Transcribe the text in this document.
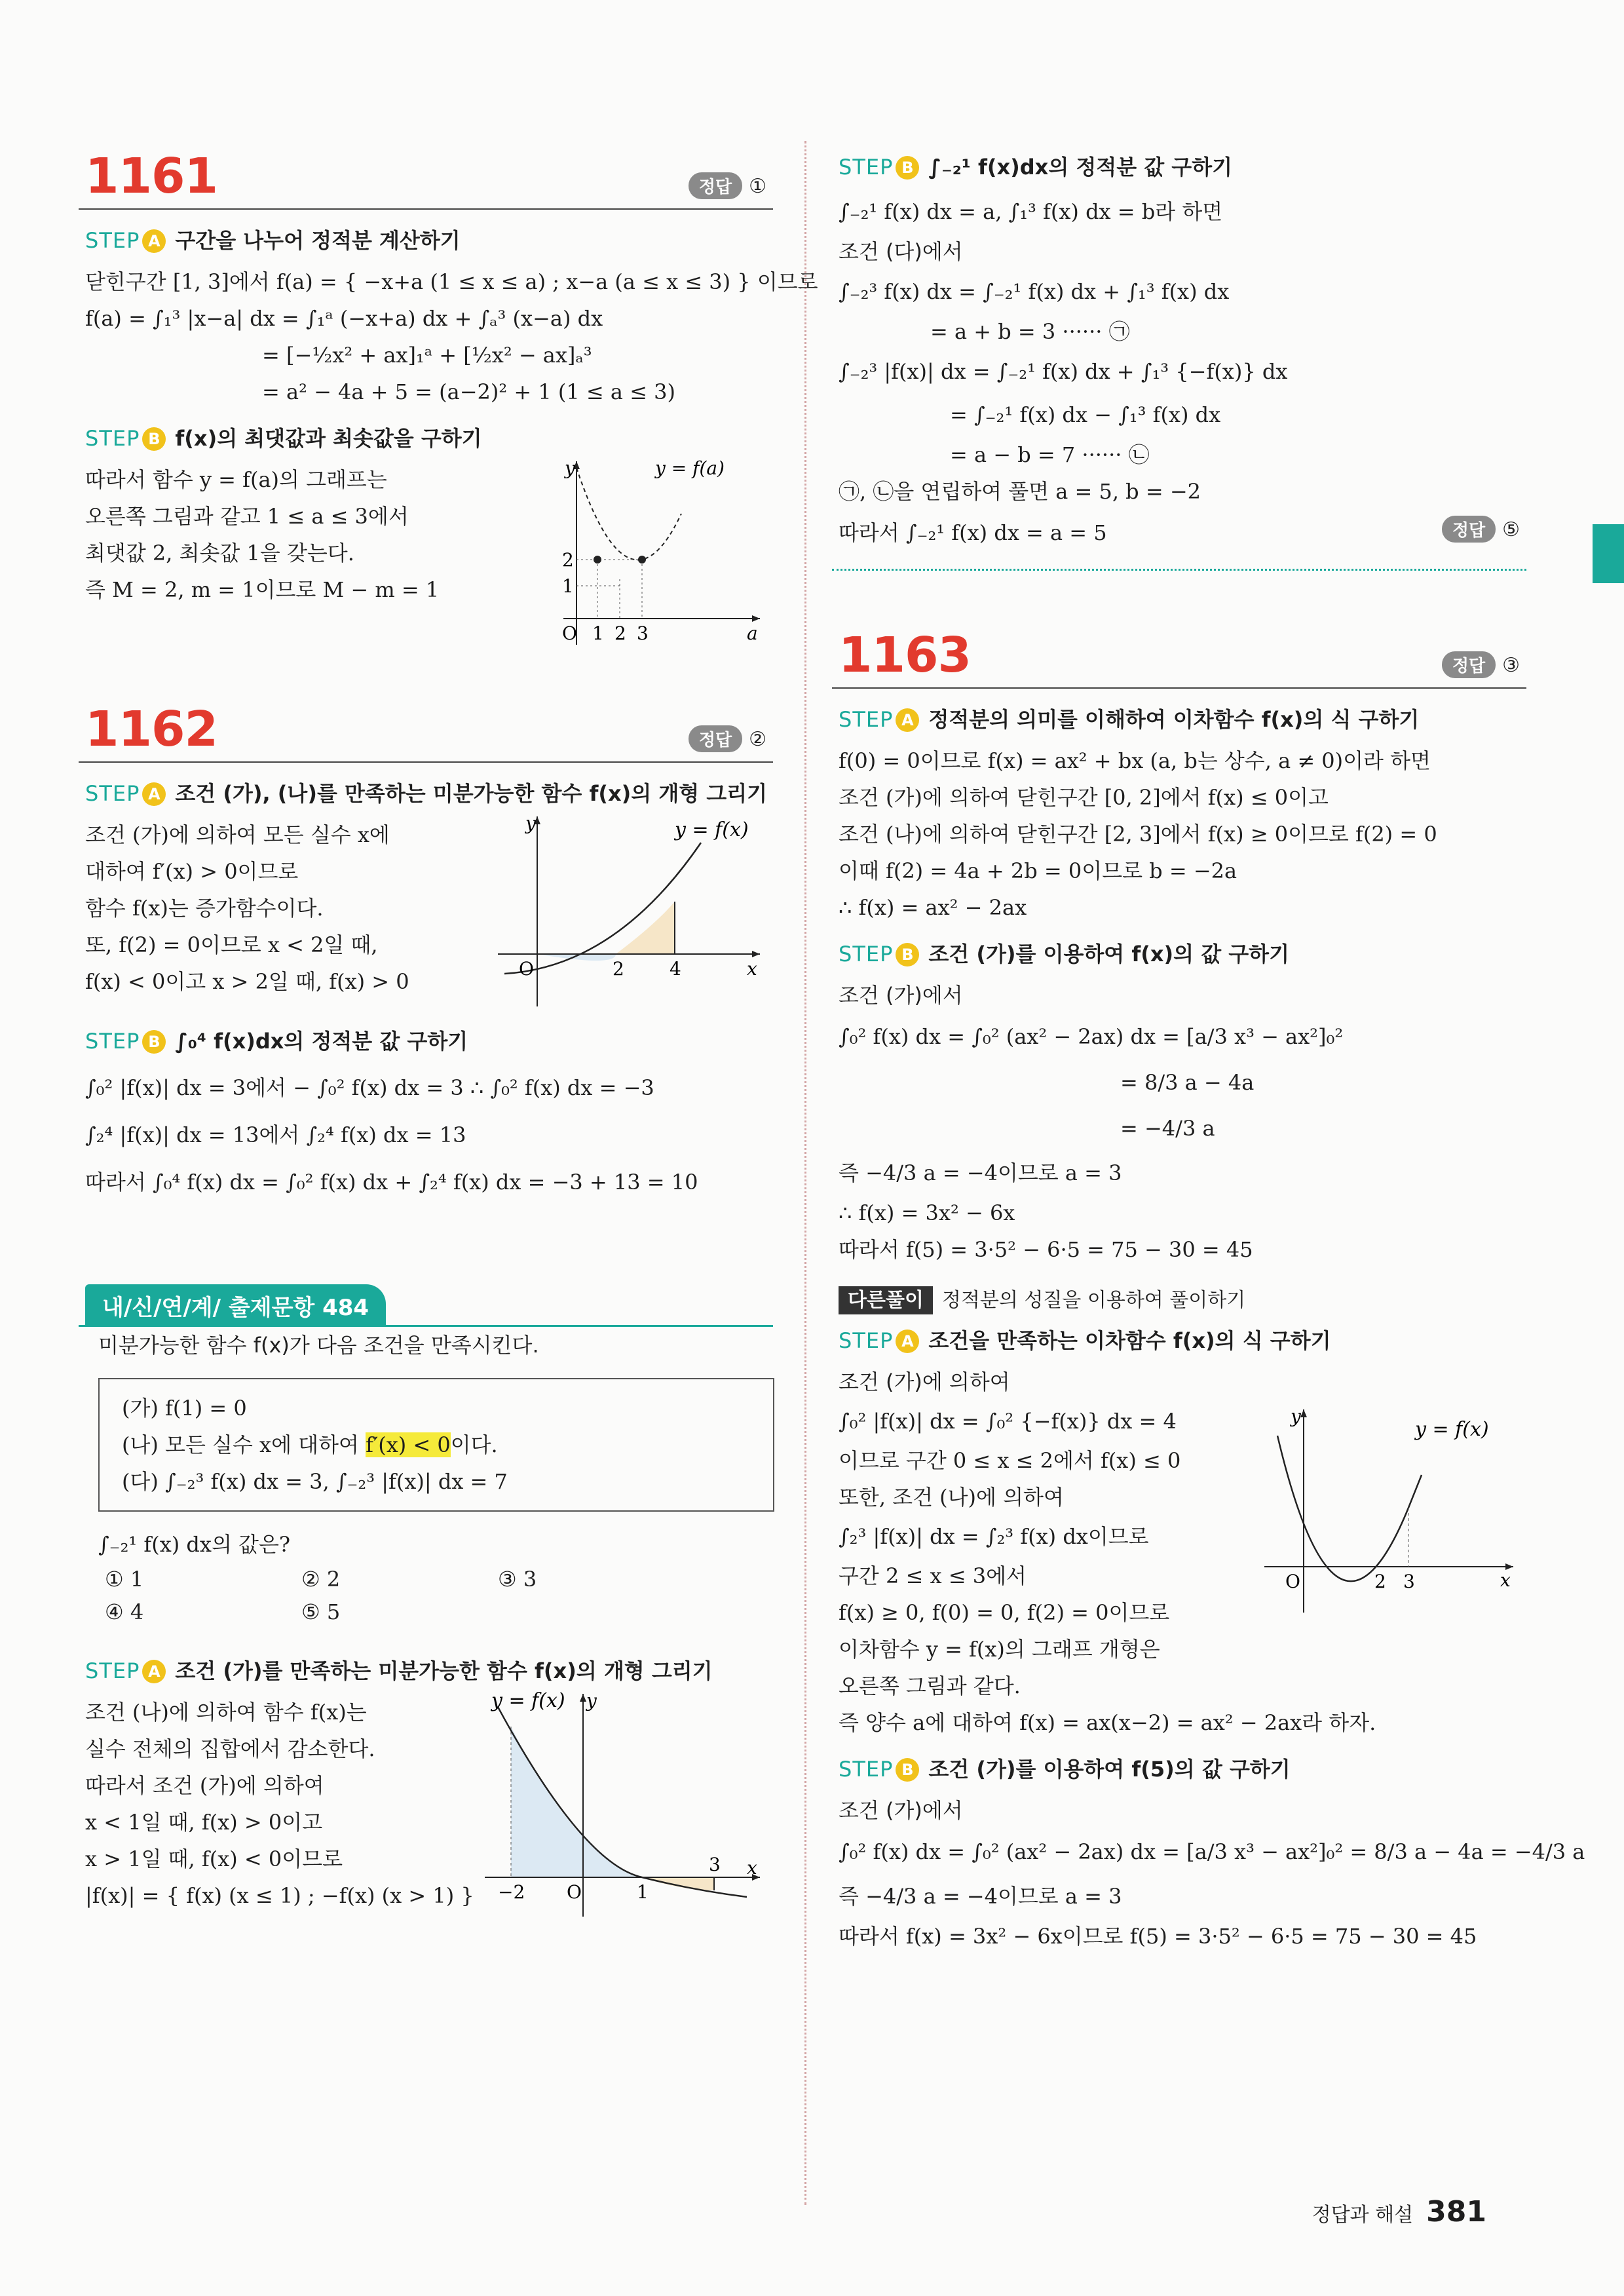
1161	정답 ①
STEP A 구간을 나누어 정적분 계산하기
닫힌구간 [1, 3]에서 f(a) = { −x+a (1 ≤ x ≤ a) ; x−a (a ≤ x ≤ 3) } 이므로
f(a) = ∫₁³ |x−a| dx = ∫₁ᵃ (−x+a) dx + ∫ₐ³ (x−a) dx
= [−½x² + ax]₁ᵃ + [½x² − ax]ₐ³
= a² − 4a + 5 = (a−2)² + 1 (1 ≤ a ≤ 3)
STEP B f(x)의 최댓값과 최솟값을 구하기
따라서 함수 y = f(a)의 그래프는
오른쪽 그림과 같고 1 ≤ a ≤ 3에서
최댓값 2, 최솟값 1을 갖는다.
즉 M = 2, m = 1이므로 M − m = 1
y	y = f(a)
a
O 1 2 3
1
2
1162	정답 ②
STEP A 조건 (가), (나)를 만족하는 미분가능한 함수 f(x)의 개형 그리기
조건 (가)에 의하여 모든 실수 x에
대하여 f′(x) > 0이므로
함수 f(x)는 증가함수이다.
또, f(2) = 0이므로 x < 2일 때,
f(x) < 0이고 x > 2일 때, f(x) > 0
y	y = f(x)
x
O	2 4
STEP B ∫₀⁴ f(x)dx의 정적분 값 구하기
∫₀² |f(x)| dx = 3에서 − ∫₀² f(x) dx = 3 ∴ ∫₀² f(x) dx = −3
∫₂⁴ |f(x)| dx = 13에서 ∫₂⁴ f(x) dx = 13
따라서 ∫₀⁴ f(x) dx = ∫₀² f(x) dx + ∫₂⁴ f(x) dx = −3 + 13 = 10
내/신/연/계/ 출제문항 484
미분가능한 함수 f(x)가 다음 조건을 만족시킨다.
(가) f(1) = 0
(나) 모든 실수 x에 대하여 f′(x) < 0이다.
(다) ∫₋₂³ f(x) dx = 3, ∫₋₂³ |f(x)| dx = 7
∫₋₂¹ f(x) dx의 값은?
① 1	② 2	③ 3
④ 4	⑤ 5
STEP A 조건 (가)를 만족하는 미분가능한 함수 f(x)의 개형 그리기
조건 (나)에 의하여 함수 f(x)는
실수 전체의 집합에서 감소한다.
따라서 조건 (가)에 의하여
x < 1일 때, f(x) > 0이고
x > 1일 때, f(x) < 0이므로
|f(x)| = { f(x) (x ≤ 1) ; −f(x) (x > 1) }
y
y = f(x)
x
O
−2	1
3
STEP B ∫₋₂¹ f(x)dx의 정적분 값 구하기
∫₋₂¹ f(x) dx = a, ∫₁³ f(x) dx = b라 하면
조건 (다)에서
∫₋₂³ f(x) dx = ∫₋₂¹ f(x) dx + ∫₁³ f(x) dx
= a + b = 3 ······ ㉠
∫₋₂³ |f(x)| dx = ∫₋₂¹ f(x) dx + ∫₁³ {−f(x)} dx
= ∫₋₂¹ f(x) dx − ∫₁³ f(x) dx
= a − b = 7 ······ ㉡
㉠, ㉡을 연립하여 풀면 a = 5, b = −2
따라서 ∫₋₂¹ f(x) dx = a = 5	정답 ⑤
1163	정답 ③
STEP A 정적분의 의미를 이해하여 이차함수 f(x)의 식 구하기
f(0) = 0이므로 f(x) = ax² + bx (a, b는 상수, a ≠ 0)이라 하면
조건 (가)에 의하여 닫힌구간 [0, 2]에서 f(x) ≤ 0이고
조건 (나)에 의하여 닫힌구간 [2, 3]에서 f(x) ≥ 0이므로 f(2) = 0
이때 f(2) = 4a + 2b = 0이므로 b = −2a
∴ f(x) = ax² − 2ax
STEP B 조건 (가)를 이용하여 f(x)의 값 구하기
조건 (가)에서
∫₀² f(x) dx = ∫₀² (ax² − 2ax) dx = [a/3 x³ − ax²]₀²
= 8/3 a − 4a
= −4/3 a
즉 −4/3 a = −4이므로 a = 3
∴ f(x) = 3x² − 6x
따라서 f(5) = 3·5² − 6·5 = 75 − 30 = 45
다른풀이 정적분의 성질을 이용하여 풀이하기
STEP A 조건을 만족하는 이차함수 f(x)의 식 구하기
조건 (가)에 의하여
∫₀² |f(x)| dx = ∫₀² {−f(x)} dx = 4
이므로 구간 0 ≤ x ≤ 2에서 f(x) ≤ 0
또한, 조건 (나)에 의하여
∫₂³ |f(x)| dx = ∫₂³ f(x) dx이므로
구간 2 ≤ x ≤ 3에서
f(x) ≥ 0, f(0) = 0, f(2) = 0이므로
이차함수 y = f(x)의 그래프 개형은
오른쪽 그림과 같다.
즉 양수 a에 대하여 f(x) = ax(x−2) = ax² − 2ax라 하자.
y
y = f(x)
x
O	2 3
STEP B 조건 (가)를 이용하여 f(5)의 값 구하기
조건 (가)에서
∫₀² f(x) dx = ∫₀² (ax² − 2ax) dx = [a/3 x³ − ax²]₀² = 8/3 a − 4a = −4/3 a
즉 −4/3 a = −4이므로 a = 3
따라서 f(x) = 3x² − 6x이므로 f(5) = 3·5² − 6·5 = 75 − 30 = 45
정답과 해설 381
